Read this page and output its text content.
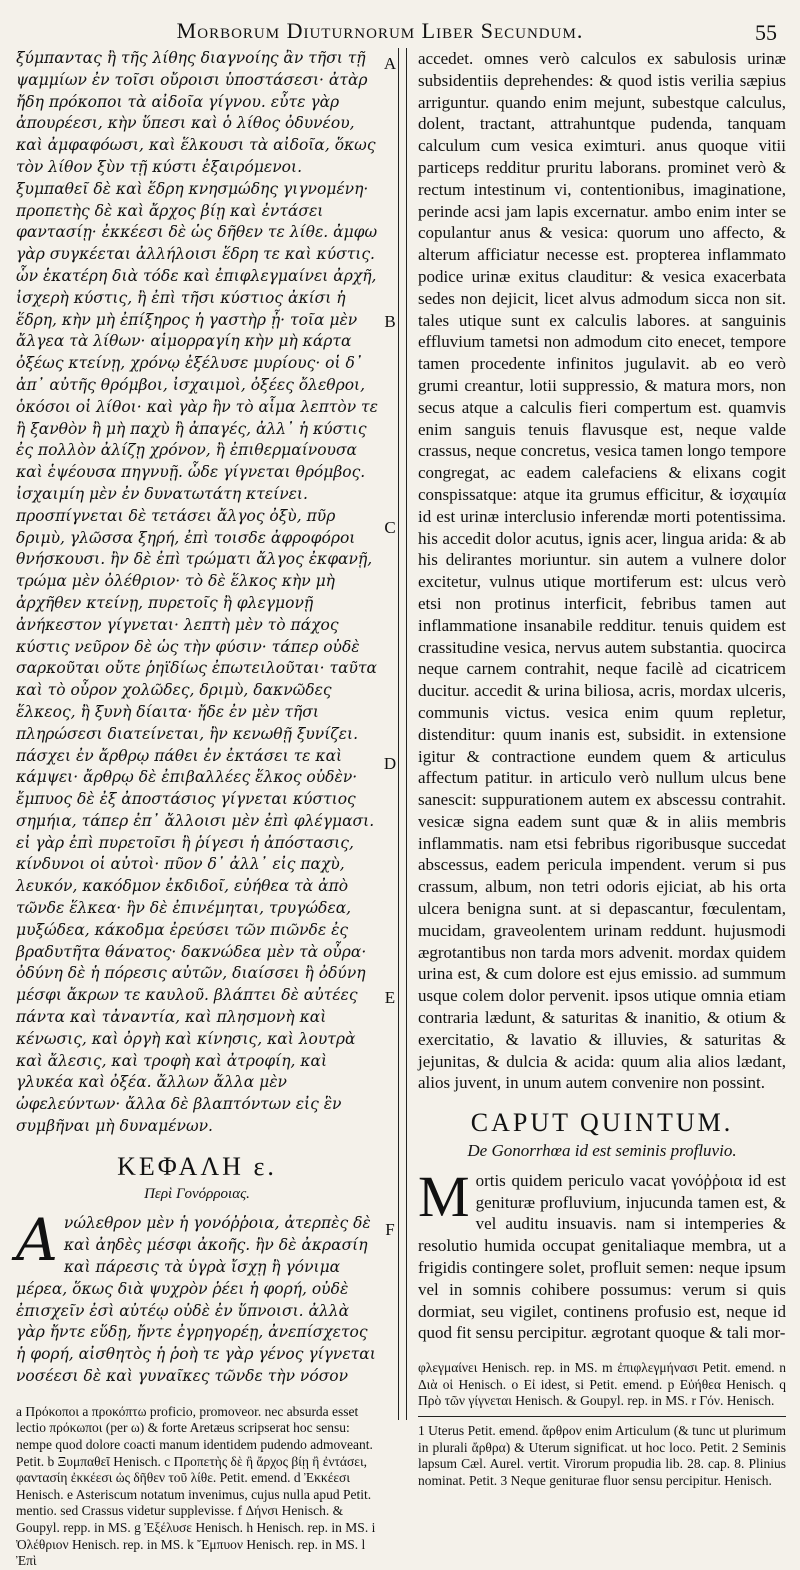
Morborum Diuturnorum Liber Secundum.	55
A
B
C
D
E
F

ξύμπαντας ἢ τῆς λίθης διαγνοίης ἂν τῆσι τῇ ψαμμίων ἐν τοῖσι οὔροισι ὑποστάσεσι· ἀτὰρ ἤδη πρόκοποι τὰ αἰδοῖα γίγνου. εὖτε γὰρ ἀπουρέεσι, κὴν ὕπεσι καὶ ὁ λίθος ὀδυνέου, καὶ ἀμφαφόωσι, καὶ ἕλκουσι τὰ αἰδοῖα, ὅκως τὸν λίθον ξὺν τῇ κύστι ἐξαιρόμενοι. ξυμπαθεῖ δὲ καὶ ἕδρη κνησμώδης γιγνομένη· προπετὴς δὲ καὶ ἄρχος βίῃ καὶ ἐντάσει φαντασίῃ· ἐκκέεσι δὲ ὡς δῆθεν τε λίθε. ἀμφω γὰρ συγκέεται ἀλλήλοισι ἕδρη τε καὶ κύστις. ὧν ἑκατέρη διὰ τόδε καὶ ἐπιφλεγμαίνει ἀρχῆ, ἰσχερὴ κύστις, ἢ ἐπὶ τῆσι κύστιος ἀκίσι ἡ ἕδρη, κὴν μὴ ἐπίξηρος ἡ γαστὴρ ᾖ· τοῖα μὲν ἄλγεα τὰ λίθων· αἱμορραγίη κὴν μὴ κάρτα ὀξέως κτείνῃ, χρόνῳ ἐξέλυσε μυρίους· οἱ δ᾽ ἀπ᾽ αὐτῆς θρόμβοι, ἰσχαιμοὶ, ὀξέες ὄλεθροι, ὁκόσοι οἱ λίθοι· καὶ γὰρ ἢν τὸ αἷμα λεπτὸν τε ἢ ξανθὸν ἢ μὴ παχὺ ἢ ἀπαγές, ἀλλ᾽ ἡ κύστις ἐς πολλὸν ἀλίζῃ χρόνον, ἢ ἐπιθερμαίνουσα καὶ ἑψέουσα πηγνυῇ. ὧδε γίγνεται θρόμβος. ἰσχαιμίη μὲν ἐν δυνατωτάτη κτείνει. προσπίγνεται δὲ τετάσει ἄλγος ὀξὺ, πῦρ δριμὺ, γλῶσσα ξηρή, ἐπὶ τοισδε ἀφροφόροι θνήσκουσι. ἢν δὲ ἐπὶ τρώματι ἄλγος ἐκφανῇ, τρώμα μὲν ὀλέθριον· τὸ δὲ ἕλκος κὴν μὴ ἀρχῆθεν κτείνῃ, πυρετοῖς ἢ φλεγμονῇ ἀνήκεστον γίγνεται· λεπτὴ μὲν τὸ πάχος κύστις νεῦρον δὲ ὡς τὴν φύσιν· τάπερ οὐδὲ σαρκοῦται οὔτε ῥηϊδίως ἐπωτειλοῦται· ταῦτα καὶ τὸ οὖρον χολῶδες, δριμὺ, δακνῶδες ἕλκεος, ἢ ξυνὴ δίαιτα· ἤδε ἐν μὲν τῆσι πληρώσεσι διατείνεται, ἢν κενωθῇ ξυνίζει. πάσχει ἐν ἄρθρῳ πάθει ἐν ἐκτάσει τε καὶ κάμψει· ἄρθρῳ δὲ ἐπιβαλλέες ἕλκος οὐδὲν· ἔμπυος δὲ ἐξ ἀποστάσιος γίγνεται κύστιος σημήια, τάπερ ἐπ᾽ ἄλλοισι μὲν ἐπὶ φλέγμασι. εἰ γὰρ ἐπὶ πυρετοῖσι ἢ ῥίγεσι ἡ ἀπόστασις, κίνδυνοι οἱ αὐτοὶ· πῦον δ᾽ ἀλλ᾽ εἰς παχὺ, λευκόν, κακόδμον ἐκδιδοῖ, εὐήθεα τὰ ἀπὸ τῶνδε ἕλκεα· ἢν δὲ ἐπινέμηται, τρυγώδεα, μυξώδεα, κάκοδμα ἐρεύσει τῶν πιῶνδε ἐς βραδυτῆτα θάνατος· δακνώδεα μὲν τὰ οὖρα· ὀδύνη δὲ ἡ πόρεσις αὐτῶν, διαίσσει ἢ ὀδύνη μέσφι ἄκρων τε καυλοῦ. βλάπτει δὲ αὐτέες πάντα καὶ τἀναντία, καὶ πλησμονὴ καὶ κένωσις, καὶ ὀργὴ καὶ κίνησις, καὶ λουτρὰ καὶ ἄλεσις, καὶ τροφὴ καὶ ἀτροφίη, καὶ γλυκέα καὶ ὀξέα. ἄλλων ἄλλα μὲν ὠφελεύντων· ἄλλα δὲ βλαπτόντων εἰς ἓν συμβῆναι μὴ δυναμένων.

ΚΕΦΑΛΗ ε.
Περὶ Γονόρροιας.

Ανώλεθρον μὲν ἡ γονόῤῥοια, ἀτερπὲς δὲ καὶ ἀηδὲς μέσφι ἀκοῆς. ἢν δὲ ἀκρασίη καὶ πάρεσις τὰ ὑγρὰ ἴσχῃ ἢ γόνιμα μέρεα, ὅκως διὰ ψυχρὸν ῥέει ἡ φορή, οὐδὲ ἐπισχεῖν ἐσὶ αὐτέῳ οὐδὲ ἐν ὕπνοισι. ἀλλὰ γὰρ ἤντε εὕδῃ, ἤντε ἐγρηγορέῃ, ἀνεπίσχετος ἡ φορή, αἰσθητὸς ἡ ῥοὴ τε γὰρ γένος γίγνεται νοσέεσι δὲ καὶ γυναῖκες τῶνδε τὴν νόσον

a Πρόκοποι a προκόπτω proficio, promoveor. nec absurda esset lectio πρόκωποι (per ω) & forte Aretæus scripserat hoc sensu: nempe quod dolore coacti manum identidem pudendo admoveant. Petit. b Ξυμπαθεῖ Henisch. c Προπετὴς δὲ ἢ ἄρχος βίῃ ἢ ἐντάσει, φαντασίη ἐκκέεσι ὡς δῆθεν τοῦ λίθε. Petit. emend. d Ἐκκέεσι Henisch. e Asteriscum notatum invenimus, cujus nulla apud Petit. mentio. sed Crassus videtur supplevisse. f Δήνσι Henisch. & Goupyl. repp. in MS. g Ἐξέλυσε Henisch. h Henisch. rep. in MS. i Ὀλέθριον Henisch. rep. in MS. k Ἔμπυον Henisch. rep. in MS. l Ἐπὶ

accedet. omnes verò calculos ex sabulosis urinæ subsidentiis deprehendes: & quod istis verilia sæpius arriguntur. quando enim mejunt, subestque calculus, dolent, tractant, attrahuntque pudenda, tanquam calculum cum vesica eximturi. anus quoque vitii particeps redditur pruritu laborans. prominet verò & rectum intestinum vi, contentionibus, imaginatione, perinde acsi jam lapis excernatur. ambo enim inter se copulantur anus & vesica: quorum uno affecto, & alterum afficiatur necesse est. propterea inflammato podice urinæ exitus clauditur: & vesica exacerbata sedes non dejicit, licet alvus admodum sicca non sit. tales utique sunt ex calculis labores. at sanguinis effluvium tametsi non admodum cito enecet, tempore tamen procedente infinitos jugulavit. ab eo verò grumi creantur, lotii suppressio, & matura mors, non secus atque a calculis fieri compertum est. quamvis enim sanguis tenuis flavusque est, neque valde crassus, neque concretus, vesica tamen longo tempore congregat, ac eadem calefaciens & elixans cogit conspissatque: atque ita grumus efficitur, & ἰσχαιμία id est urinæ interclusio inferendæ morti potentissima. his accedit dolor acutus, ignis acer, lingua arida: & ab his delirantes moriuntur. sin autem a vulnere dolor excitetur, vulnus utique mortiferum est: ulcus verò etsi non protinus interficit, febribus tamen aut inflammatione insanabile redditur. tenuis quidem est crassitudine vesica, nervus autem substantia. quocirca neque carnem contrahit, neque facilè ad cicatricem ducitur. accedit & urina biliosa, acris, mordax ulceris, communis victus. vesica enim quum repletur, distenditur: quum inanis est, subsidit. in extensione igitur & contractione eundem quem & articulus affectum patitur. in articulo verò nullum ulcus bene sanescit: suppurationem autem ex abscessu contrahit. vesicæ signa eadem sunt quæ & in aliis membris inflammatis. nam etsi febribus rigoribusque succedat abscessus, eadem pericula impendent. verum si pus crassum, album, non tetri odoris ejiciat, ab his orta ulcera benigna sunt. at si depascantur, fœculentam, mucidam, graveolentem urinam reddunt. hujusmodi ægrotantibus non tarda mors advenit. mordax quidem urina est, & cum dolore est ejus emissio. ad summum usque colem dolor pervenit. ipsos utique omnia etiam contraria lædunt, & saturitas & inanitio, & otium & exercitatio, & lavatio & illuvies, & saturitas & jejunitas, & dulcia & acida: quum alia alios lædant, alios juvent, in unum autem convenire non possint.

CAPUT QUINTUM.
De Gonorrhœa id est seminis profluvio.

Mortis quidem periculo vacat γονόῤῥοια id est genituræ profluvium, injucunda tamen est, & vel auditu insuavis. nam si intemperies & resolutio humida occupat genitaliaque membra, ut a frigidis contingere solet, profluit semen: neque ipsum vel in somnis cohibere possumus: verum si quis dormiat, seu vigilet, continens profusio est, neque id quod fit sensu percipitur. ægrotant quoque & tali mor-

φλεγμαίνει Henisch. rep. in MS. m ἐπιφλεγμήνασι Petit. emend. n Διὰ οἱ Henisch. o Εἰ idest, si Petit. emend. p Εὐήθεα Henisch. q Πρὸ τῶν γίγνεται Henisch. & Goupyl. rep. in MS. r Γόν. Henisch.
1 Uterus Petit. emend. ἄρθρον enim Articulum (& tunc ut plurimum in plurali ἄρθρα) & Uterum significat. ut hoc loco. Petit. 2 Seminis lapsum Cæl. Aurel. vertit. Virorum propudia lib. 28. cap. 8. Plinius nominat. Petit. 3 Neque geniturae fluor sensu percipitur. Henisch.
